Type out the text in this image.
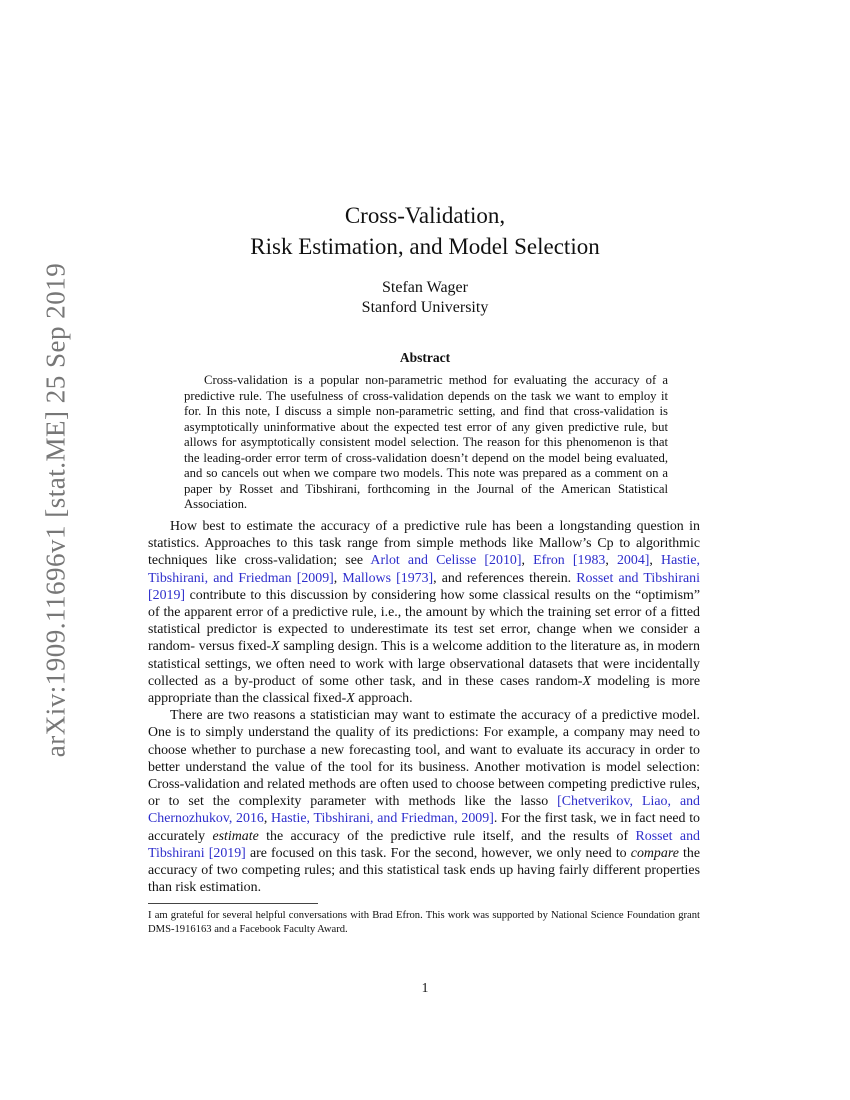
arXiv:1909.11696v1 [stat.ME] 25 Sep 2019
Cross-Validation,
Risk Estimation, and Model Selection
Stefan Wager
Stanford University
Abstract
Cross-validation is a popular non-parametric method for evaluating the accuracy of a predictive rule. The usefulness of cross-validation depends on the task we want to employ it for. In this note, I discuss a simple non-parametric setting, and find that cross-validation is asymptotically uninformative about the expected test error of any given predictive rule, but allows for asymptotically consistent model selection. The reason for this phenomenon is that the leading-order error term of cross-validation doesn’t depend on the model being evaluated, and so cancels out when we compare two models. This note was prepared as a comment on a paper by Rosset and Tibshirani, forthcoming in the Journal of the American Statistical Association.

How best to estimate the accuracy of a predictive rule has been a longstanding question in statistics. Approaches to this task range from simple methods like Mallow’s Cp to algorithmic techniques like cross-validation; see Arlot and Celisse [2010], Efron [1983, 2004], Hastie, Tibshirani, and Friedman [2009], Mallows [1973], and references therein. Rosset and Tibshirani [2019] contribute to this discussion by considering how some classical results on the “optimism” of the apparent error of a predictive rule, i.e., the amount by which the training set error of a fitted statistical predictor is expected to underestimate its test set error, change when we consider a random- versus fixed-X sampling design. This is a welcome addition to the literature as, in modern statistical settings, we often need to work with large observational datasets that were incidentally collected as a by-product of some other task, and in these cases random-X modeling is more appropriate than the classical fixed-X approach.

There are two reasons a statistician may want to estimate the accuracy of a predictive model. One is to simply understand the quality of its predictions: For example, a company may need to choose whether to purchase a new forecasting tool, and want to evaluate its accuracy in order to better understand the value of the tool for its business. Another motivation is model selection: Cross-validation and related methods are often used to choose between competing predictive rules, or to set the complexity parameter with methods like the lasso [Chetverikov, Liao, and Chernozhukov, 2016, Hastie, Tibshirani, and Friedman, 2009]. For the first task, we in fact need to accurately estimate the accuracy of the predictive rule itself, and the results of Rosset and Tibshirani [2019] are focused on this task. For the second, however, we only need to compare the accuracy of two competing rules; and this statistical task ends up having fairly different properties than risk estimation.

I am grateful for several helpful conversations with Brad Efron. This work was supported by National Science Foundation grant DMS-1916163 and a Facebook Faculty Award.
1
